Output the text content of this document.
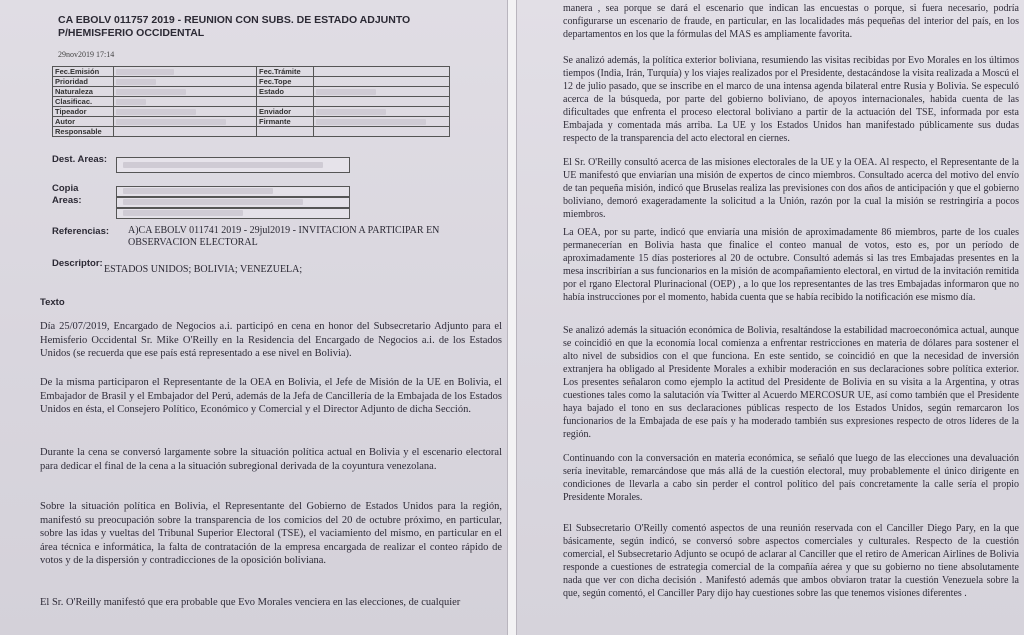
CA EBOLV 011757 2019 - REUNION CON SUBS. DE ESTADO ADJUNTO P/HEMISFERIO OCCIDENTAL
29nov2019 17:14
Fec.Emisión		Fec.Trámite	
Prioridad		Fec.Tope	
Naturaleza		Estado	
Clasificac.			
Tipeador		Enviador	
Autor		Firmante	
Responsable			
Dest. Areas:
Copia
Areas:
Referencias: A)CA EBOLV 011741 2019 - 29jul2019 - INVITACION A PARTICIPAR EN OBSERVACION ELECTORAL
Descriptor:
ESTADOS UNIDOS; BOLIVIA; VENEZUELA;
Texto
Día 25/07/2019, Encargado de Negocios a.i. participó en cena en honor del Subsecretario Adjunto para el Hemisferio Occidental Sr. Mike O'Reilly en la Residencia del Encargado de Negocios a.i. de los Estados Unidos (se recuerda que ese país está representado a ese nivel en Bolivia).
De la misma participaron el Representante de la OEA en Bolivia, el Jefe de Misión de la UE en Bolivia, el Embajador de Brasil y el Embajador del Perú, además de la Jefa de Cancillería de la Embajada de los Estados Unidos en ésta, el Consejero Político, Económico y Comercial y el Director Adjunto de dicha Sección.
Durante la cena se conversó largamente sobre la situación política actual en Bolivia y el escenario electoral para dedicar el final de la cena a la situación subregional derivada de la coyuntura venezolana.
Sobre la situación política en Bolivia, el Representante del Gobierno de Estados Unidos para la región, manifestó su preocupación sobre la transparencia de los comicios del 20 de octubre próximo, en particular, sobre las idas y vueltas del Tribunal Superior Electoral (TSE), el vaciamiento del mismo, en particular en el área técnica e informática, la falta de contratación de la empresa encargada de realizar el conteo rápido de votos y de la dispersión y contradicciones de la oposición boliviana.
El Sr. O'Reilly manifestó que era probable que Evo Morales venciera en las elecciones, de cualquier
manera , sea porque se dará el escenario que indican las encuestas o porque, si fuera necesario, podría configurarse un escenario de fraude, en particular, en las localidades más pequeñas del interior del país, en los departamentos en los que la fórmulas del MAS es ampliamente favorita.
Se analizó además, la política exterior boliviana, resumiendo las visitas recibidas por Evo Morales en los últimos tiempos (India, Irán, Turquía) y los viajes realizados por el Presidente, destacándose la visita realizada a Moscú el 12 de julio pasado, que se inscribe en el marco de una intensa agenda bilateral entre Rusia y Bolivia. Se especuló acerca de la búsqueda, por parte del gobierno boliviano, de apoyos internacionales, habida cuenta de las dificultades que enfrenta el proceso electoral boliviano a partir de la actuación del TSE, informada por esta Embajada y comentada más arriba. La UE y los Estados Unidos han manifestado públicamente sus dudas respecto de la transparencia del acto electoral en ciernes.
El Sr. O'Reilly consultó acerca de las misiones electorales de la UE y la OEA. Al respecto, el Representante de la UE manifestó que enviarían una misión de expertos de cinco miembros. Consultado acerca del motivo del envío de tan pequeña misión, indicó que Bruselas realiza las previsiones con dos años de anticipación y que el gobierno boliviano, demoró exageradamente la solicitud a la Unión, razón por la cual la misión se restringiría a pocos miembros.
La OEA, por su parte, indicó que enviaría una misión de aproximadamente 86 miembros, parte de los cuales permanecerían en Bolivia hasta que finalice el conteo manual de votos, esto es, por un período de aproximadamente 15 días posteriores al 20 de octubre. Consultó además si las tres Embajadas presentes en la mesa inscribirían a sus funcionarios en la misión de acompañamiento electoral, en virtud de la invitación remitida por el rgano Electoral Plurinacional (OEP) , a lo que los representantes de las tres Embajadas informaron que no había instrucciones por el momento, habida cuenta que se había recibido la notificación ese mismo día.
Se analizó además la situación económica de Bolivia, resaltándose la estabilidad macroeconómica actual, aunque se coincidió en que la economía local comienza a enfrentar restricciones en materia de dólares para sostener el alto nivel de subsidios con el que funciona. En este sentido, se coincidió en que la necesidad de inversión extranjera ha obligado al Presidente Morales a exhibir moderación en sus declaraciones sobre política exterior. Los presentes señalaron como ejemplo la actitud del Presidente de Bolivia en su visita a la Argentina, y otras cuestiones tales como la salutación vía Twitter al Acuerdo MERCOSUR UE, así como también que el Presidente haya bajado el tono en sus declaraciones públicas respecto de los Estados Unidos, según remarcaron los funcionarios de la Embajada de ese país y ha moderado también sus expresiones respecto de otros líderes de la región.
Continuando con la conversación en materia económica, se señaló que luego de las elecciones una devaluación sería inevitable, remarcándose que más allá de la cuestión electoral, muy probablemente el único dirigente en condiciones de llevarla a cabo sin perder el control político del país concretamente la calle sería el propio Presidente Morales.
El Subsecretario O'Reilly comentó aspectos de una reunión reservada con el Canciller Diego Pary, en la que básicamente, según indicó, se conversó sobre aspectos comerciales y culturales. Respecto de la cuestión comercial, el Subsecretario Adjunto se ocupó de aclarar al Canciller que el retiro de American Airlines de Bolivia responde a cuestiones de estrategia comercial de la compañía aérea y que su gobierno no tiene absolutamente nada que ver con dicha decisión . Manifestó además que ambos obviaron tratar la cuestión Venezuela sobre la que, según comentó, el Canciller Pary dijo hay cuestiones sobre las que tenemos visiones diferentes .
